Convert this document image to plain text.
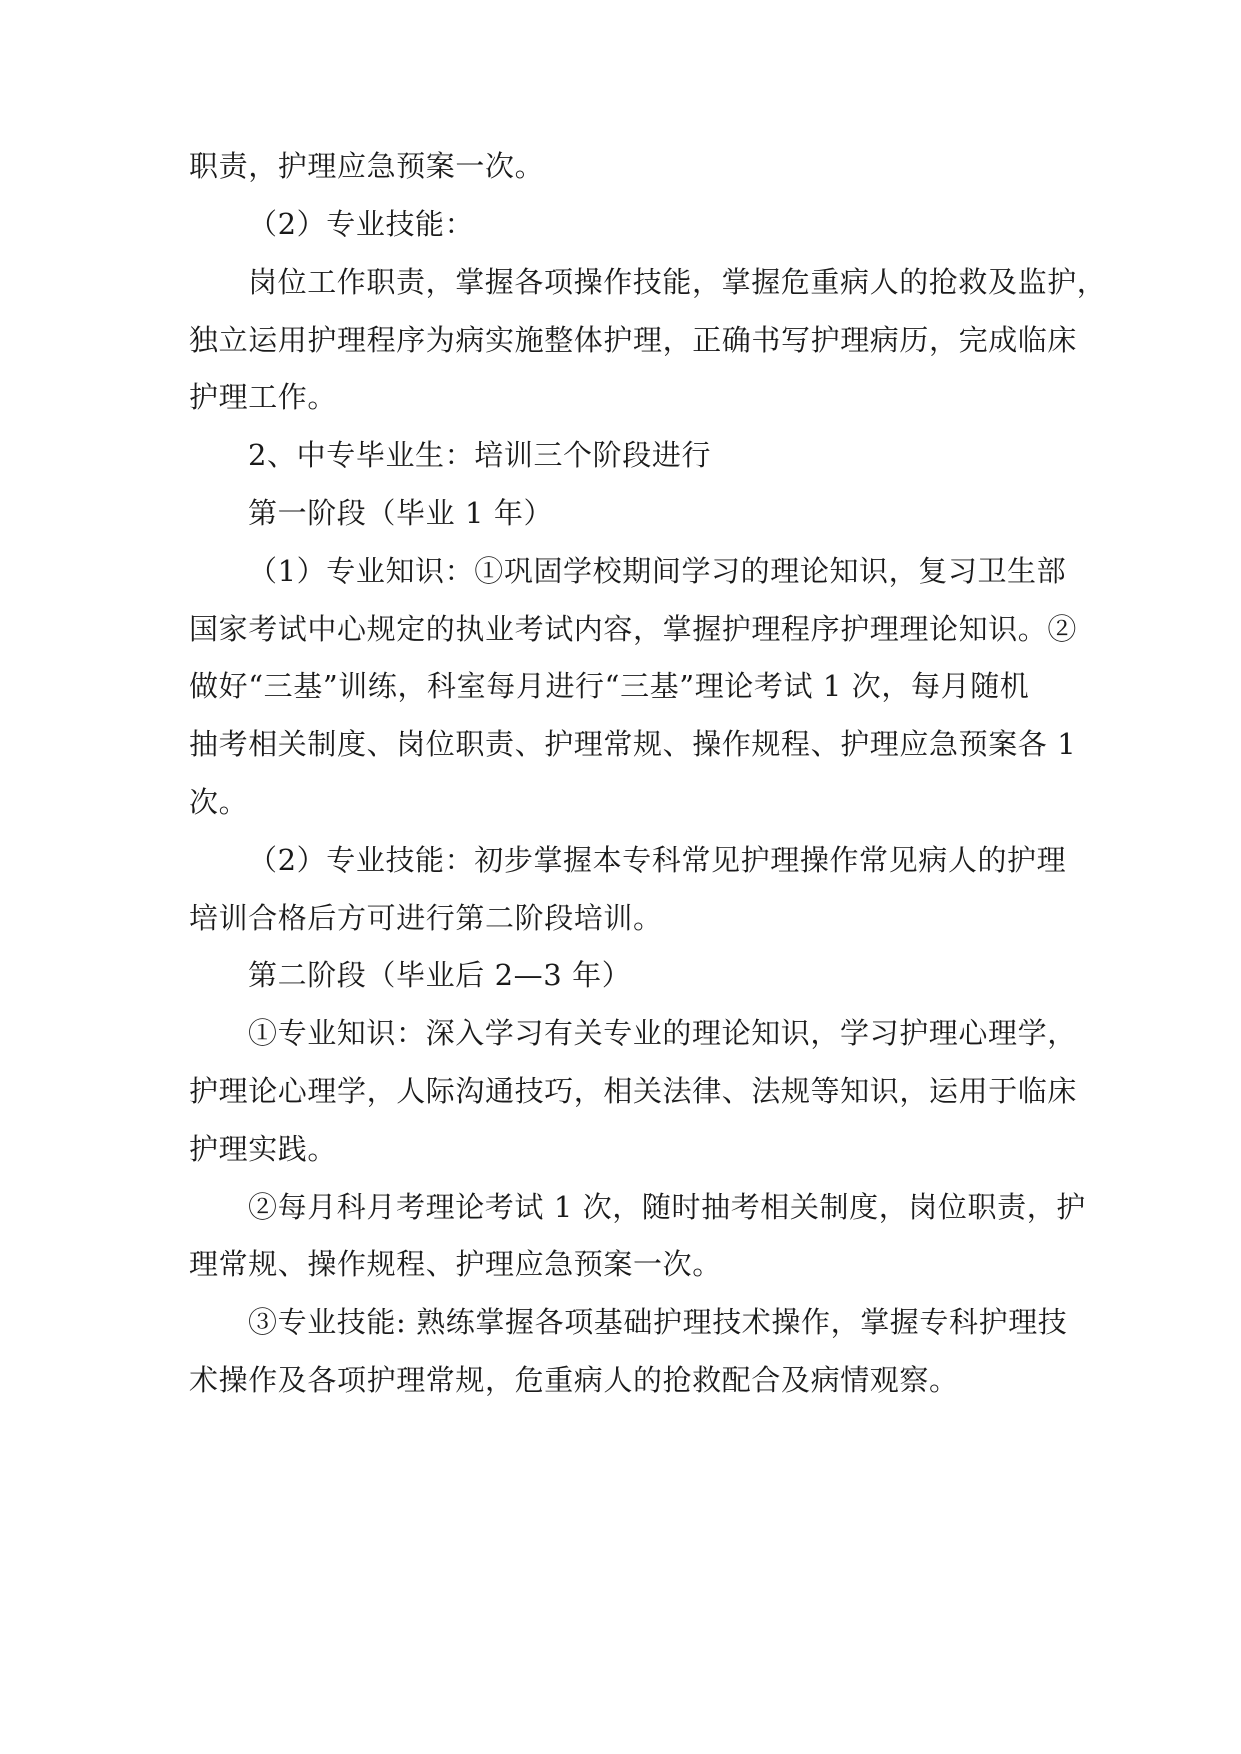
职责，护理应急预案一次。
（2）专业技能：
岗位工作职责，掌握各项操作技能，掌握危重病人的抢救及监护，
独立运用护理程序为病实施整体护理，正确书写护理病历，完成临床
护理工作。
2、中专毕业生：培训三个阶段进行
第一阶段（毕业 1 年）
（1）专业知识：①巩固学校期间学习的理论知识，复习卫生部
国家考试中心规定的执业考试内容，掌握护理程序护理理论知识。②
做好“三基”训练，科室每月进行“三基”理论考试 1 次，每月随机
抽考相关制度、岗位职责、护理常规、操作规程、护理应急预案各 1
次。
（2）专业技能：初步掌握本专科常见护理操作常见病人的护理
培训合格后方可进行第二阶段培训。
第二阶段（毕业后 2—3 年）
①专业知识：深入学习有关专业的理论知识，学习护理心理学，
护理论心理学，人际沟通技巧，相关法律、法规等知识，运用于临床
护理实践。
②每月科月考理论考试 1 次，随时抽考相关制度，岗位职责，护
理常规、操作规程、护理应急预案一次。
③专业技能: 熟练掌握各项基础护理技术操作，掌握专科护理技
术操作及各项护理常规，危重病人的抢救配合及病情观察。
